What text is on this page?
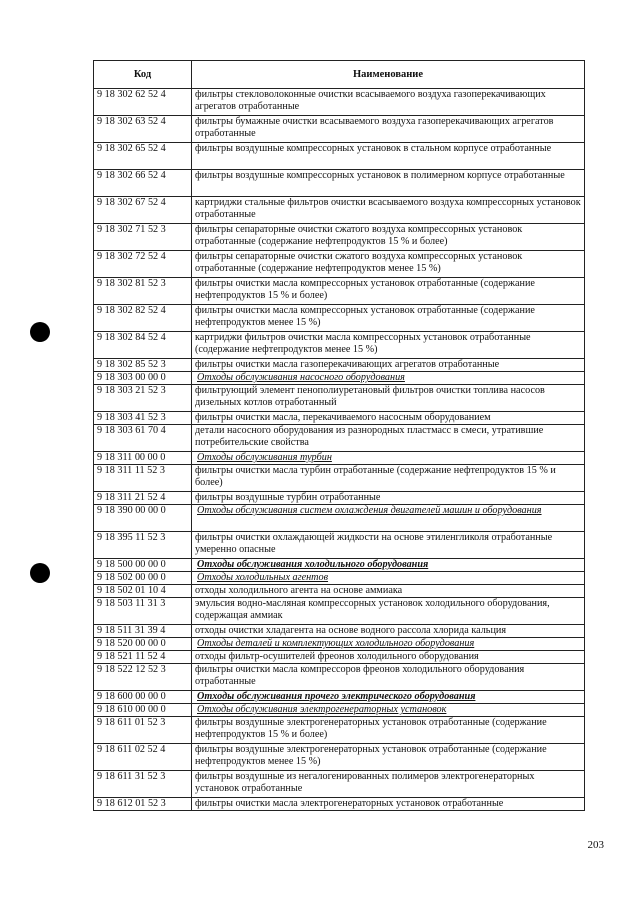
Код	Наименование
9 18 302 62 52 4	фильтры стекловолоконные очистки всасываемого воздуха газоперекачивающих агрегатов отработанные
9 18 302 63 52 4	фильтры бумажные очистки всасываемого воздуха газоперекачивающих агрегатов отработанные
9 18 302 65 52 4	фильтры воздушные компрессорных установок в стальном корпусе отработанные
9 18 302 66 52 4	фильтры воздушные компрессорных установок в полимерном корпусе отработанные
9 18 302 67 52 4	картриджи стальные фильтров очистки всасываемого воздуха компрессорных установок отработанные
9 18 302 71 52 3	фильтры сепараторные очистки сжатого воздуха компрессорных установок отработанные (содержание нефтепродуктов 15 % и более)
9 18 302 72 52 4	фильтры сепараторные очистки сжатого воздуха компрессорных установок отработанные (содержание нефтепродуктов менее 15 %)
9 18 302 81 52 3	фильтры очистки масла компрессорных установок отработанные (содержание нефтепродуктов 15 % и более)
9 18 302 82 52 4	фильтры очистки масла компрессорных установок отработанные (содержание нефтепродуктов менее 15 %)
9 18 302 84 52 4	картриджи фильтров очистки масла компрессорных установок отработанные (содержание нефтепродуктов менее 15 %)
9 18 302 85 52 3	фильтры очистки масла газоперекачивающих агрегатов отработанные
9 18 303 00 00 0	Отходы обслуживания насосного оборудования
9 18 303 21 52 3	фильтрующий элемент пенополиуретановый фильтров очистки топлива насосов дизельных котлов отработанный
9 18 303 41 52 3	фильтры очистки масла, перекачиваемого насосным оборудованием
9 18 303 61 70 4	детали насосного оборудования из разнородных пластмасс в смеси, утратившие потребительские свойства
9 18 311 00 00 0	Отходы обслуживания турбин
9 18 311 11 52 3	фильтры очистки масла турбин отработанные (содержание нефтепродуктов 15 % и более)
9 18 311 21 52 4	фильтры воздушные турбин отработанные
9 18 390 00 00 0	Отходы обслуживания систем охлаждения двигателей машин и оборудования
9 18 395 11 52 3	фильтры очистки охлаждающей жидкости на основе этиленгликоля отработанные умеренно опасные
9 18 500 00 00 0	Отходы обслуживания холодильного оборудования
9 18 502 00 00 0	Отходы холодильных агентов
9 18 502 01 10 4	отходы холодильного агента на основе аммиака
9 18 503 11 31 3	эмульсия водно-масляная компрессорных установок холодильного оборудования, содержащая аммиак
9 18 511 31 39 4	отходы очистки хладагента на основе водного рассола хлорида кальция
9 18 520 00 00 0	Отходы деталей и комплектующих холодильного оборудования
9 18 521 11 52 4	отходы фильтр-осушителей фреонов холодильного оборудования
9 18 522 12 52 3	фильтры очистки масла компрессоров фреонов холодильного оборудования отработанные
9 18 600 00 00 0	Отходы обслуживания прочего электрического оборудования
9 18 610 00 00 0	Отходы обслуживания электрогенераторных установок
9 18 611 01 52 3	фильтры воздушные электрогенераторных установок отработанные (содержание нефтепродуктов 15 % и более)
9 18 611 02 52 4	фильтры воздушные электрогенераторных установок отработанные (содержание нефтепродуктов менее 15 %)
9 18 611 31 52 3	фильтры воздушные из негалогенированных полимеров электрогенераторных установок отработанные
9 18 612 01 52 3	фильтры очистки масла электрогенераторных установок отработанные
203
